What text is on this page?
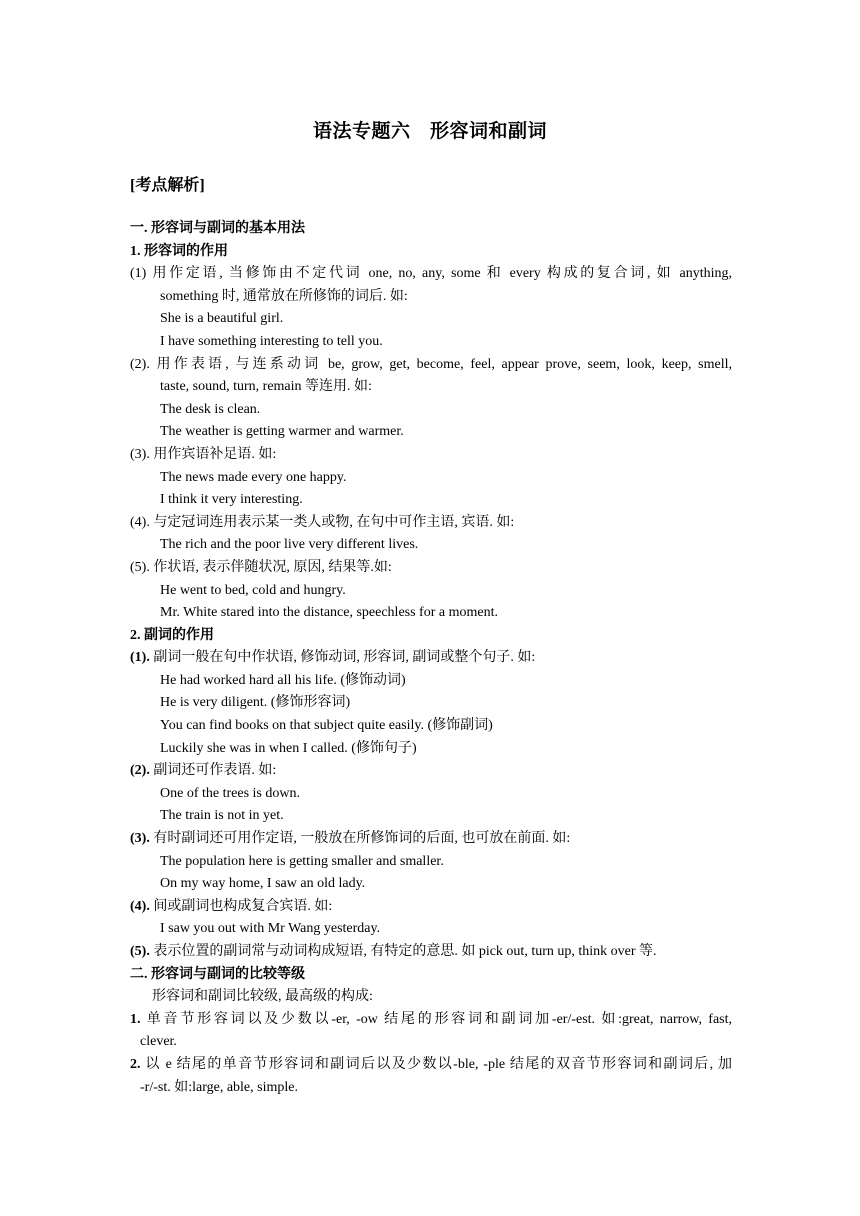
语法专题六　形容词和副词
[考点解析]
一. 形容词与副词的基本用法
1. 形容词的作用
(1) 用作定语, 当修饰由不定代词 one, no, any, some 和 every 构成的复合词, 如 anything,
something 时, 通常放在所修饰的词后. 如:
She is a beautiful girl.
I have something interesting to tell you.
(2). 用作表语, 与连系动词 be, grow, get, become, feel, appear prove, seem, look, keep, smell,
taste, sound, turn, remain 等连用. 如:
The desk is clean.
The weather is getting warmer and warmer.
(3). 用作宾语补足语. 如:
The news made every one happy.
I think it very interesting.
(4). 与定冠词连用表示某一类人或物, 在句中可作主语, 宾语. 如:
The rich and the poor live very different lives.
(5). 作状语, 表示伴随状况, 原因, 结果等.如:
He went to bed, cold and hungry.
Mr. White stared into the distance, speechless for a moment.
2. 副词的作用
(1). 副词一般在句中作状语, 修饰动词, 形容词, 副词或整个句子. 如:
He had worked hard all his life. (修饰动词)
He is very diligent. (修饰形容词)
You can find books on that subject quite easily. (修饰副词)
Luckily she was in when I called. (修饰句子)
(2). 副词还可作表语. 如:
One of the trees is down.
The train is not in yet.
(3). 有时副词还可用作定语, 一般放在所修饰词的后面, 也可放在前面. 如:
The population here is getting smaller and smaller.
On my way home, I saw an old lady.
(4). 间或副词也构成复合宾语. 如:
I saw you out with Mr Wang yesterday.
(5). 表示位置的副词常与动词构成短语, 有特定的意思. 如 pick out, turn up, think over 等.
二. 形容词与副词的比较等级
形容词和副词比较级, 最高级的构成:
1. 单音节形容词以及少数以-er, -ow 结尾的形容词和副词加-er/-est. 如:great, narrow, fast,
clever.
2. 以 e 结尾的单音节形容词和副词后以及少数以-ble, -ple 结尾的双音节形容词和副词后, 加
-r/-st. 如:large, able, simple.
